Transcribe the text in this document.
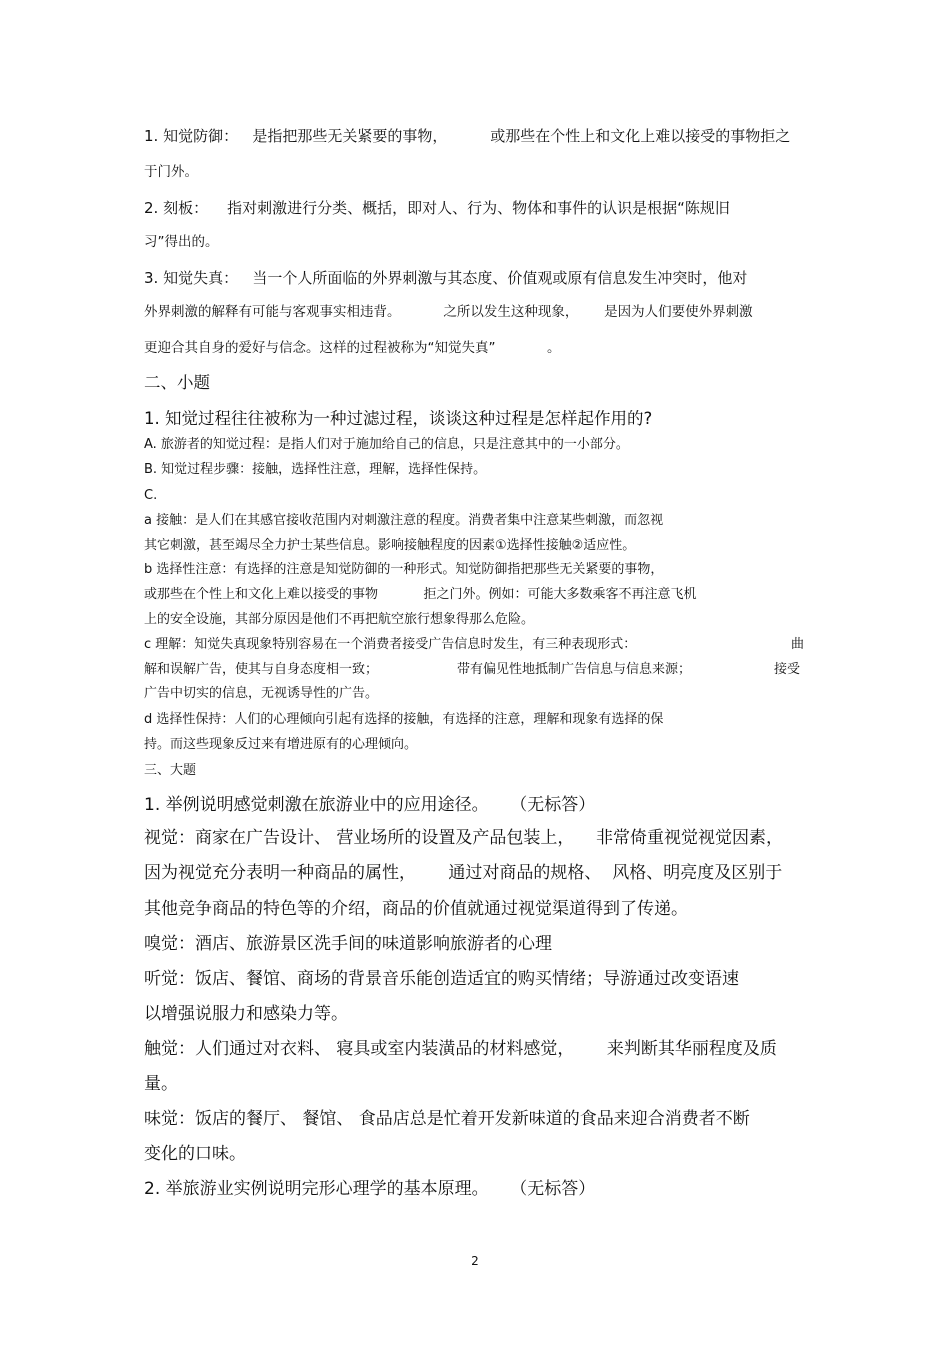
1. 知觉防御：   是指把那些无关紧要的事物，         或那些在个性上和文化上难以接受的事物拒之
于门外。
2. 刻板：    指对刺激进行分类、概括，即对人、行为、物体和事件的认识是根据“陈规旧
习”得出的。
3. 知觉失真：   当一个人所面临的外界刺激与其态度、价值观或原有信息发生冲突时，他对
外界刺激的解释有可能与客观事实相违背。          之所以发生这种现象，      是因为人们要使外界刺激
更迎合其自身的爱好与信念。这样的过程被称为“知觉失真”            。
二、小题
1. 知觉过程往往被称为一种过滤过程，谈谈这种过程是怎样起作用的?
A. 旅游者的知觉过程：是指人们对于施加给自己的信息，只是注意其中的一小部分。
B. 知觉过程步骤：接触，选择性注意，理解，选择性保持。
C.
a 接触：是人们在其感官接收范围内对刺激注意的程度。消费者集中注意某些刺激，而忽视
其它刺激，甚至竭尽全力护士某些信息。影响接触程度的因素①选择性接触②适应性。
b 选择性注意：有选择的注意是知觉防御的一种形式。知觉防御指把那些无关紧要的事物，
或那些在个性上和文化上难以接受的事物           拒之门外。例如：可能大多数乘客不再注意飞机
上的安全设施，其部分原因是他们不再把航空旅行想象得那么危险。
c 理解：知觉失真现象特别容易在一个消费者接受广告信息时发生，有三种表现形式：	曲
解和误解广告，使其与自身态度相一致；	带有偏见性地抵制广告信息与信息来源；	接受
广告中切实的信息，无视诱导性的广告。
d 选择性保持：人们的心理倾向引起有选择的接触，有选择的注意，理解和现象有选择的保
持。而这些现象反过来有增进原有的心理倾向。
三、大题
1. 举例说明感觉刺激在旅游业中的应用途径。    （无标答）
视觉：商家在广告设计、 营业场所的设置及产品包装上，    非常倚重视觉视觉因素，
因为视觉充分表明一种商品的属性，      通过对商品的规格、  风格、明亮度及区别于
其他竞争商品的特色等的介绍，商品的价值就通过视觉渠道得到了传递。
嗅觉：酒店、旅游景区洗手间的味道影响旅游者的心理
听觉：饭店、餐馆、商场的背景音乐能创造适宜的购买情绪；导游通过改变语速
以增强说服力和感染力等。
触觉：人们通过对衣料、 寝具或室内装潢品的材料感觉，      来判断其华丽程度及质
量。
味觉：饭店的餐厅、 餐馆、 食品店总是忙着开发新味道的食品来迎合消费者不断
变化的口味。
2. 举旅游业实例说明完形心理学的基本原理。    （无标答）
2
